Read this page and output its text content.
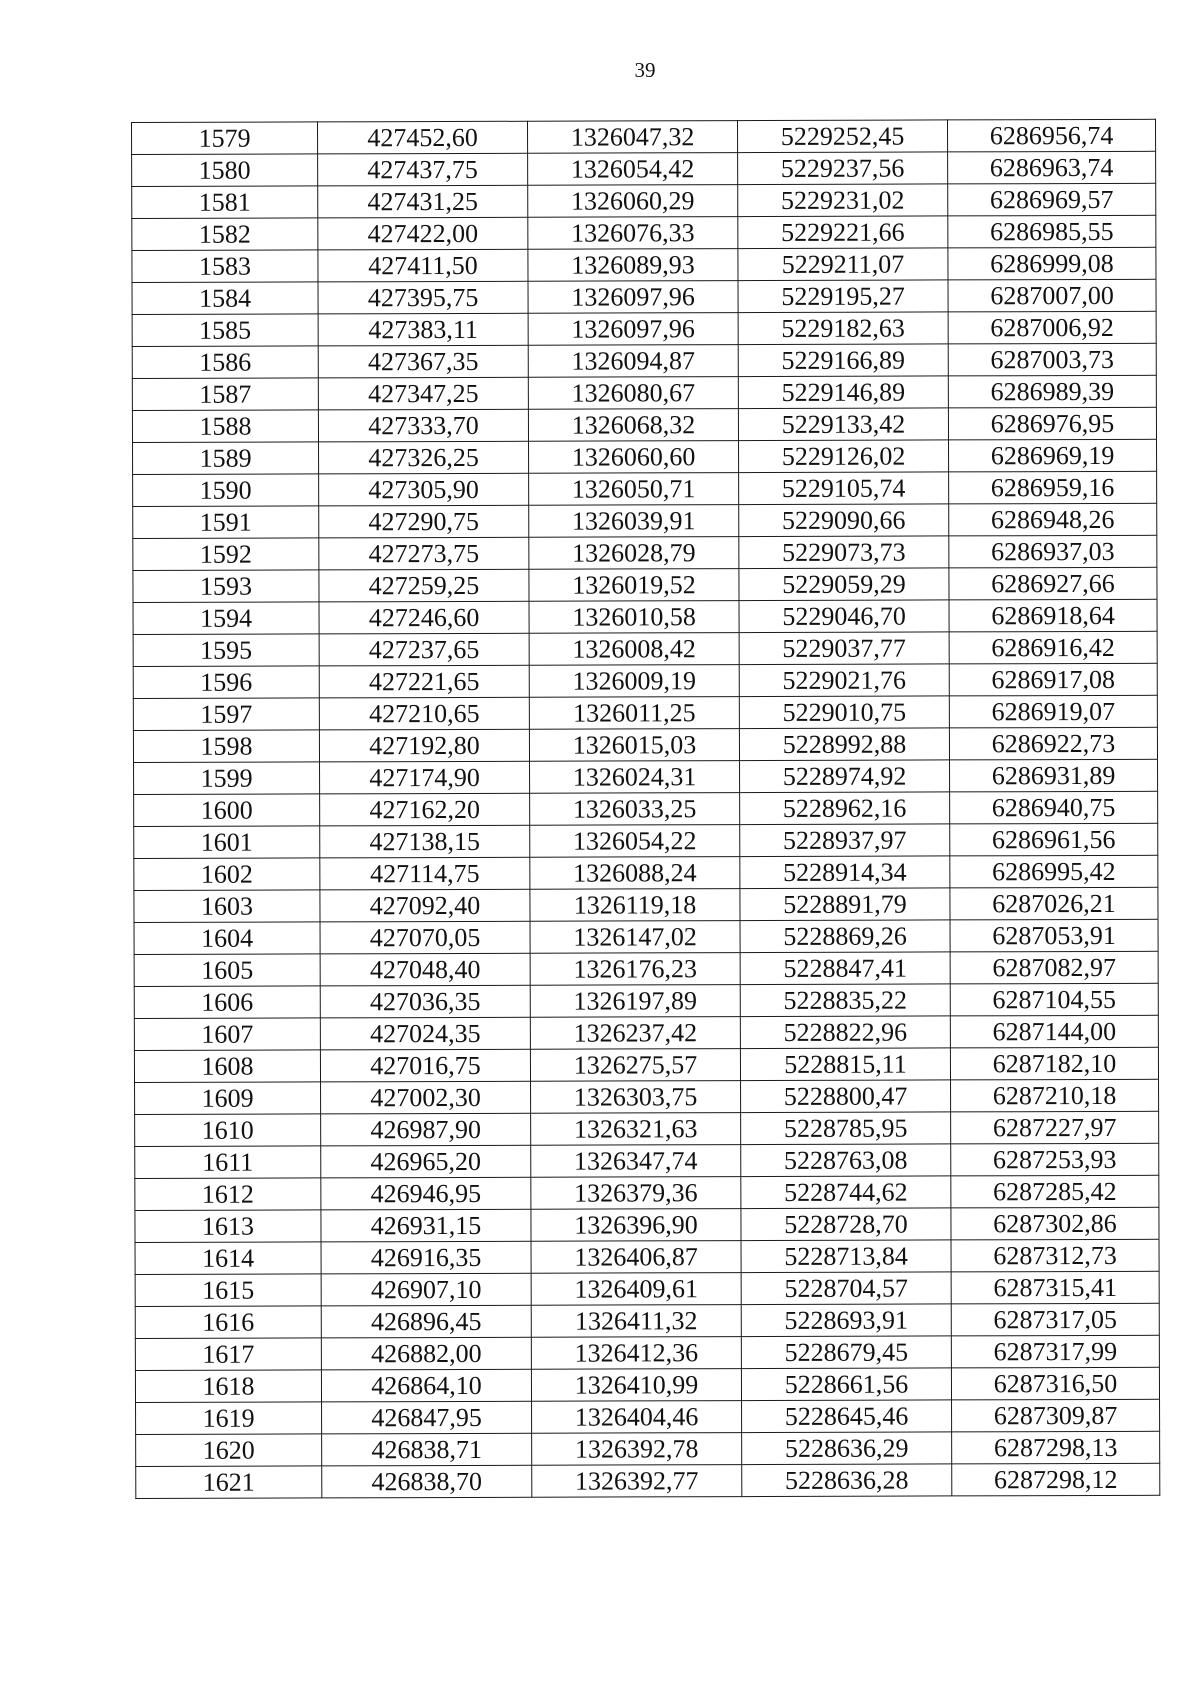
39
1579	427452,60	1326047,32	5229252,45	6286956,74
1580	427437,75	1326054,42	5229237,56	6286963,74
1581	427431,25	1326060,29	5229231,02	6286969,57
1582	427422,00	1326076,33	5229221,66	6286985,55
1583	427411,50	1326089,93	5229211,07	6286999,08
1584	427395,75	1326097,96	5229195,27	6287007,00
1585	427383,11	1326097,96	5229182,63	6287006,92
1586	427367,35	1326094,87	5229166,89	6287003,73
1587	427347,25	1326080,67	5229146,89	6286989,39
1588	427333,70	1326068,32	5229133,42	6286976,95
1589	427326,25	1326060,60	5229126,02	6286969,19
1590	427305,90	1326050,71	5229105,74	6286959,16
1591	427290,75	1326039,91	5229090,66	6286948,26
1592	427273,75	1326028,79	5229073,73	6286937,03
1593	427259,25	1326019,52	5229059,29	6286927,66
1594	427246,60	1326010,58	5229046,70	6286918,64
1595	427237,65	1326008,42	5229037,77	6286916,42
1596	427221,65	1326009,19	5229021,76	6286917,08
1597	427210,65	1326011,25	5229010,75	6286919,07
1598	427192,80	1326015,03	5228992,88	6286922,73
1599	427174,90	1326024,31	5228974,92	6286931,89
1600	427162,20	1326033,25	5228962,16	6286940,75
1601	427138,15	1326054,22	5228937,97	6286961,56
1602	427114,75	1326088,24	5228914,34	6286995,42
1603	427092,40	1326119,18	5228891,79	6287026,21
1604	427070,05	1326147,02	5228869,26	6287053,91
1605	427048,40	1326176,23	5228847,41	6287082,97
1606	427036,35	1326197,89	5228835,22	6287104,55
1607	427024,35	1326237,42	5228822,96	6287144,00
1608	427016,75	1326275,57	5228815,11	6287182,10
1609	427002,30	1326303,75	5228800,47	6287210,18
1610	426987,90	1326321,63	5228785,95	6287227,97
1611	426965,20	1326347,74	5228763,08	6287253,93
1612	426946,95	1326379,36	5228744,62	6287285,42
1613	426931,15	1326396,90	5228728,70	6287302,86
1614	426916,35	1326406,87	5228713,84	6287312,73
1615	426907,10	1326409,61	5228704,57	6287315,41
1616	426896,45	1326411,32	5228693,91	6287317,05
1617	426882,00	1326412,36	5228679,45	6287317,99
1618	426864,10	1326410,99	5228661,56	6287316,50
1619	426847,95	1326404,46	5228645,46	6287309,87
1620	426838,71	1326392,78	5228636,29	6287298,13
1621	426838,70	1326392,77	5228636,28	6287298,12
